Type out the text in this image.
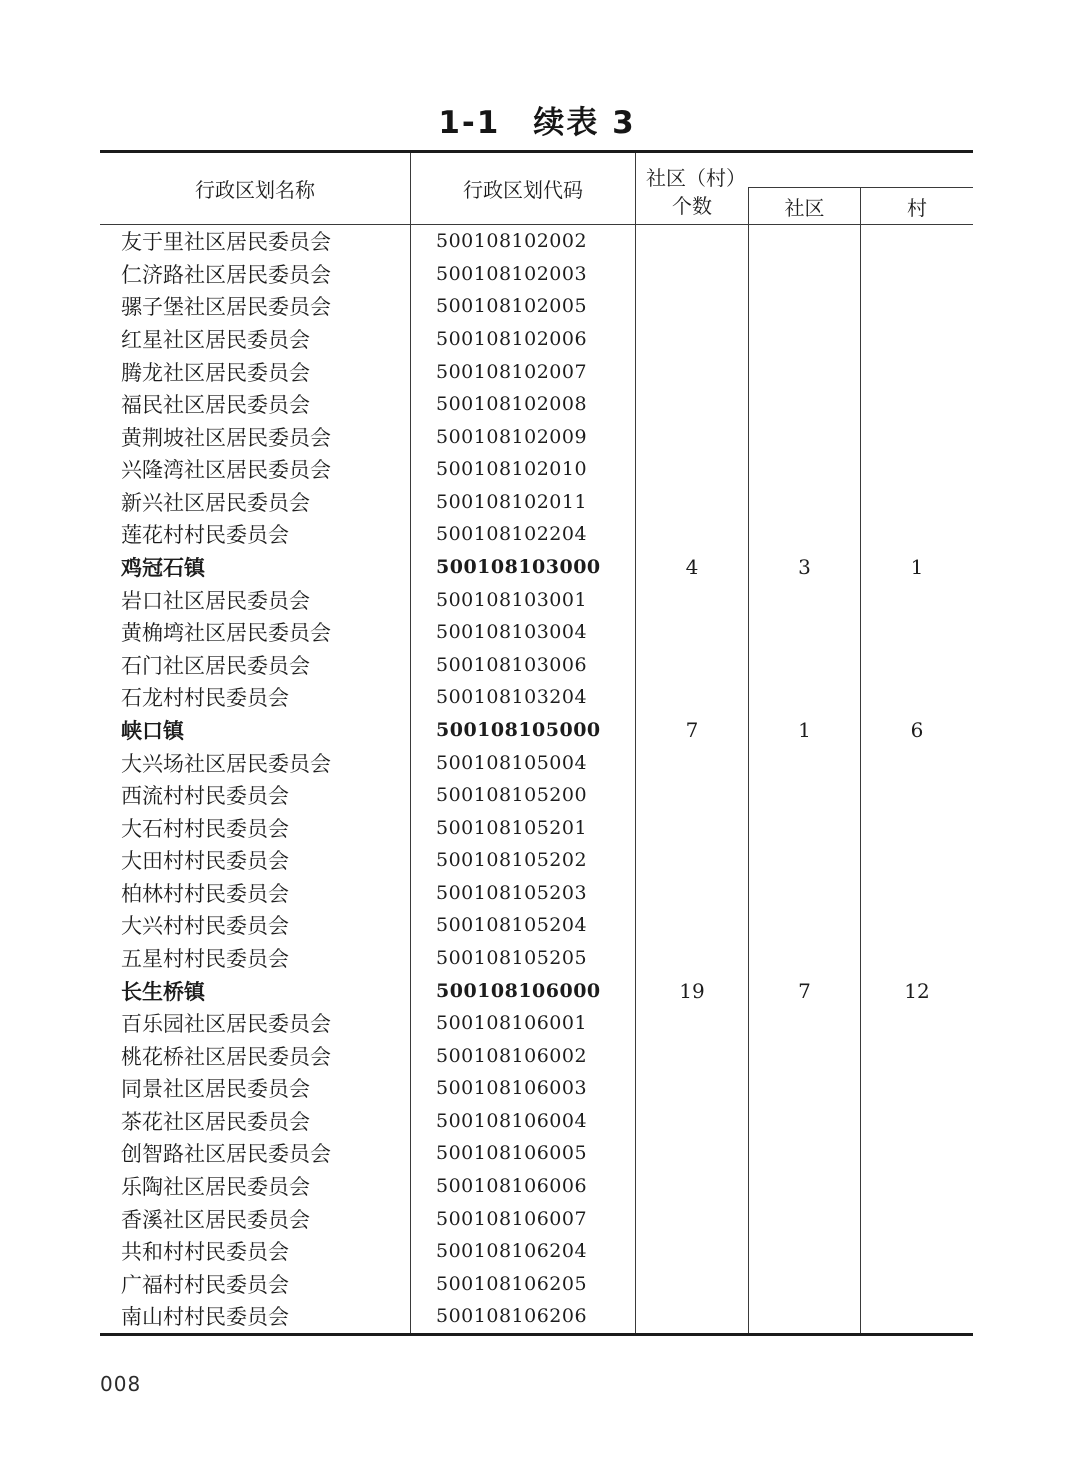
1-1　续表 3
行政区划名称	行政区划代码	社区（村）
个数	社区	村
友于里社区居民委员会	500108102002
仁济路社区居民委员会	500108102003
骡子堡社区居民委员会	500108102005
红星社区居民委员会	500108102006
腾龙社区居民委员会	500108102007
福民社区居民委员会	500108102008
黄荆坡社区居民委员会	500108102009
兴隆湾社区居民委员会	500108102010
新兴社区居民委员会	500108102011
莲花村村民委员会	500108102204
鸡冠石镇	500108103000	4	3	1
岩口社区居民委员会	500108103001
黄桷塆社区居民委员会	500108103004
石门社区居民委员会	500108103006
石龙村村民委员会	500108103204
峡口镇	500108105000	7	1	6
大兴场社区居民委员会	500108105004
西流村村民委员会	500108105200
大石村村民委员会	500108105201
大田村村民委员会	500108105202
柏林村村民委员会	500108105203
大兴村村民委员会	500108105204
五星村村民委员会	500108105205
长生桥镇	500108106000	19	7	12
百乐园社区居民委员会	500108106001
桃花桥社区居民委员会	500108106002
同景社区居民委员会	500108106003
茶花社区居民委员会	500108106004
创智路社区居民委员会	500108106005
乐陶社区居民委员会	500108106006
香溪社区居民委员会	500108106007
共和村村民委员会	500108106204
广福村村民委员会	500108106205
南山村村民委员会	500108106206
008
